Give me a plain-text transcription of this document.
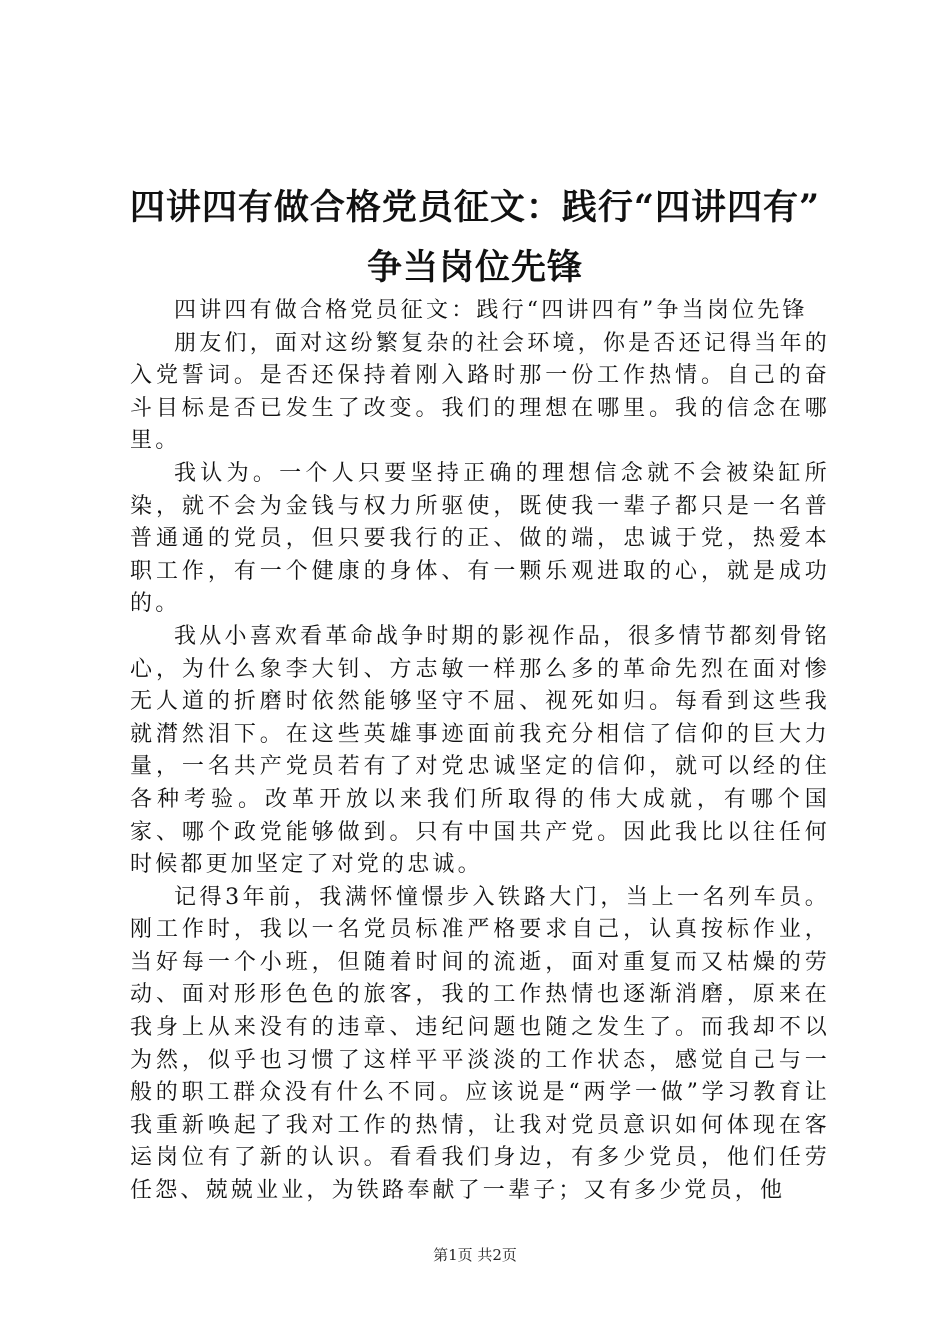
四讲四有做合格党员征文：践行“四讲四有”
争当岗位先锋

四讲四有做合格党员征文：践行“四讲四有”争当岗位先锋

朋友们，面对这纷繁复杂的社会环境，你是否还记得当年的入党誓词。是否还保持着刚入路时那一份工作热情。自己的奋斗目标是否已发生了改变。我们的理想在哪里。我的信念在哪里。

我认为。一个人只要坚持正确的理想信念就不会被染缸所染，就不会为金钱与权力所驱使，既使我一辈子都只是一名普普通通的党员，但只要我行的正、做的端，忠诚于党，热爱本职工作，有一个健康的身体、有一颗乐观进取的心，就是成功的。

我从小喜欢看革命战争时期的影视作品，很多情节都刻骨铭心，为什么象李大钊、方志敏一样那么多的革命先烈在面对惨无人道的折磨时依然能够坚守不屈、视死如归。每看到这些我就潸然泪下。在这些英雄事迹面前我充分相信了信仰的巨大力量，一名共产党员若有了对党忠诚坚定的信仰，就可以经的住各种考验。改革开放以来我们所取得的伟大成就，有哪个国家、哪个政党能够做到。只有中国共产党。因此我比以往任何时候都更加坚定了对党的忠诚。

记得3年前，我满怀憧憬步入铁路大门，当上一名列车员。刚工作时，我以一名党员标准严格要求自己，认真按标作业，当好每一个小班，但随着时间的流逝，面对重复而又枯燥的劳动、面对形形色色的旅客，我的工作热情也逐渐消磨，原来在我身上从来没有的违章、违纪问题也随之发生了。而我却不以为然，似乎也习惯了这样平平淡淡的工作状态，感觉自己与一般的职工群众没有什么不同。应该说是“两学一做”学习教育让我重新唤起了我对工作的热情，让我对党员意识如何体现在客运岗位有了新的认识。看看我们身边，有多少党员，他们任劳任怨、兢兢业业，为铁路奉献了一辈子；又有多少党员，他

第1页 共2页
